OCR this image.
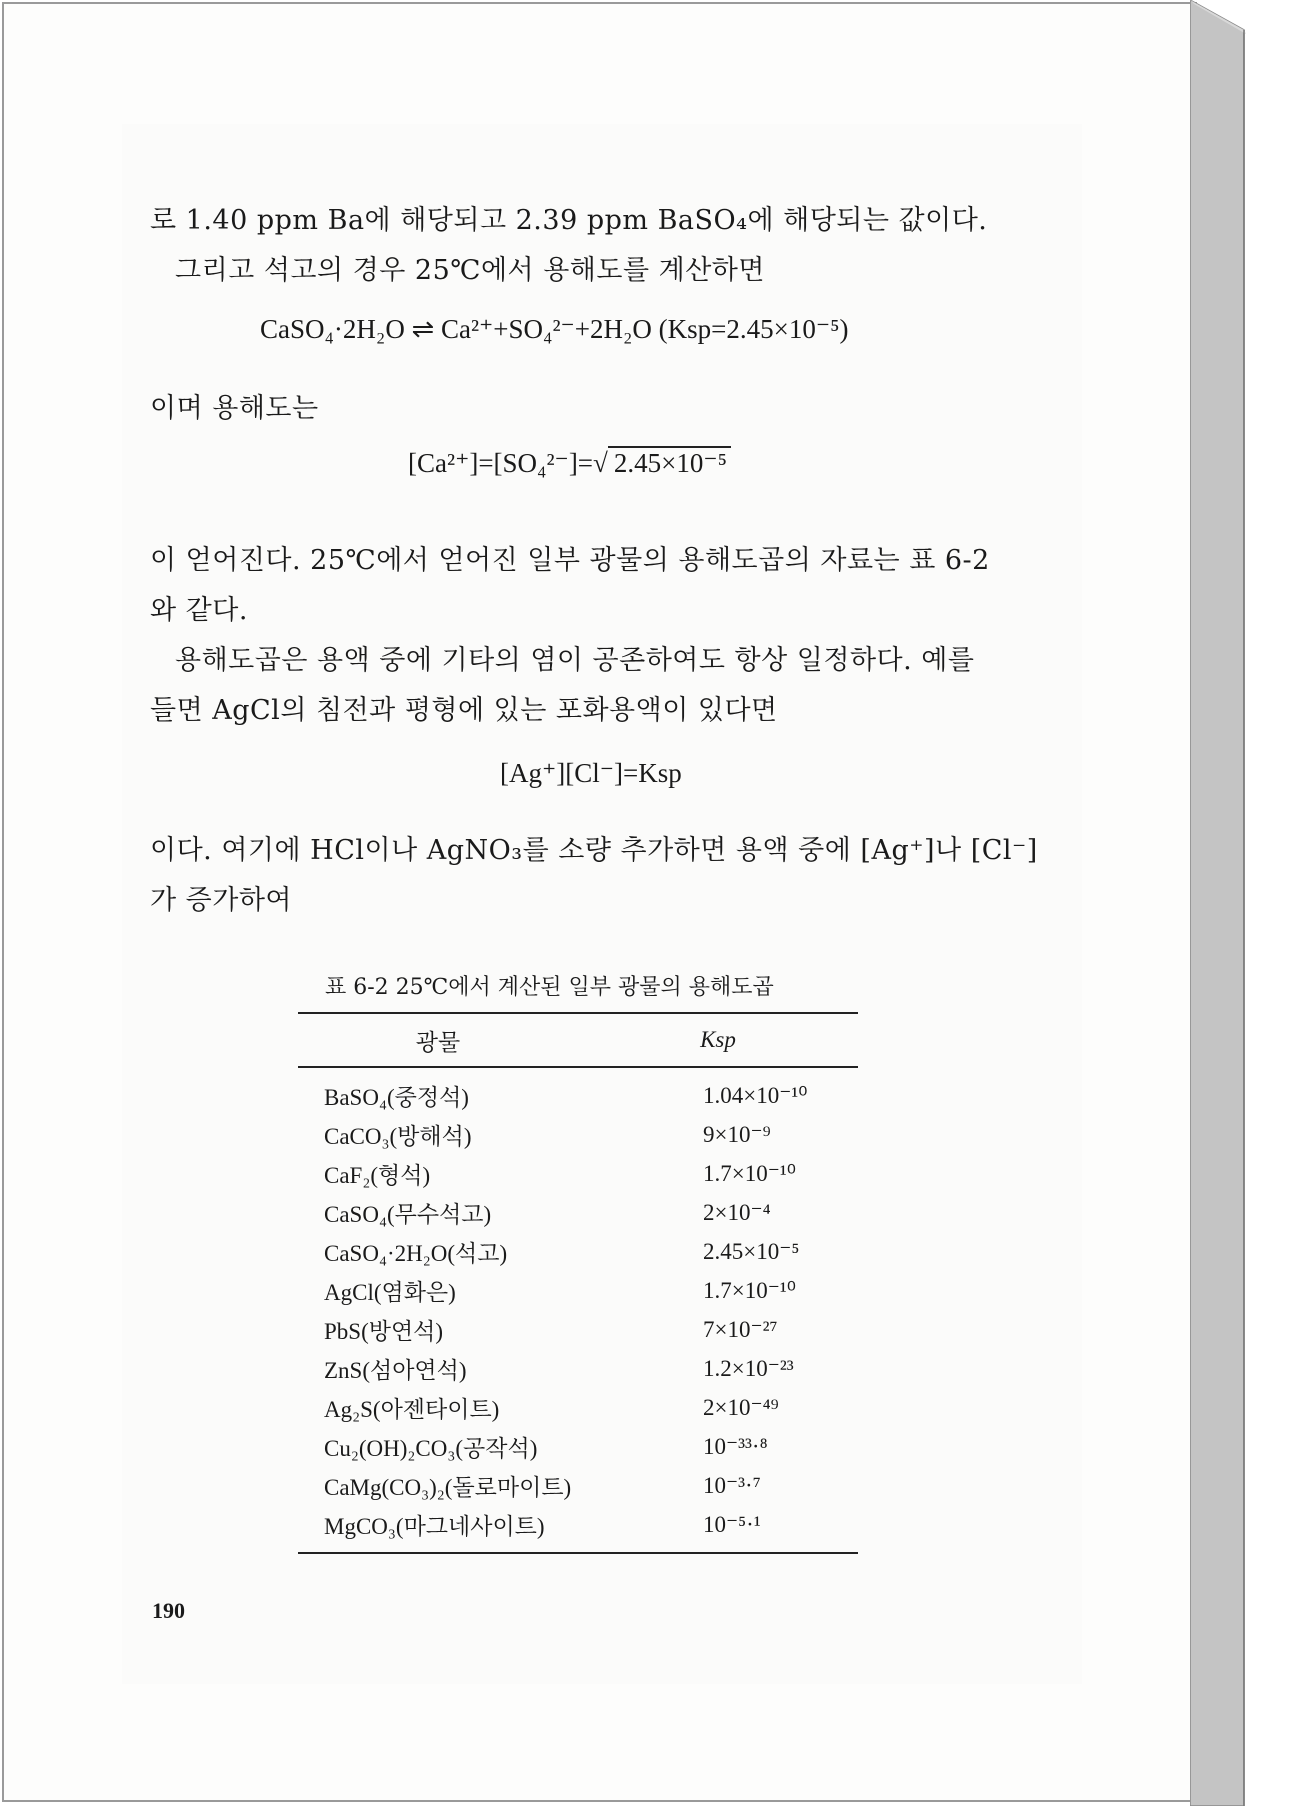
로 1.40 ppm Ba에 해당되고 2.39 ppm BaSO₄에 해당되는 값이다.
그리고 석고의 경우 25℃에서 용해도를 계산하면
CaSO₄·2H₂O ⇌ Ca²⁺+SO₄²⁻+2H₂O (Ksp=2.45×10⁻⁵)
이며 용해도는
[Ca²⁺]=[SO₄²⁻]=√ 2.45×10⁻⁵
이 얻어진다. 25℃에서 얻어진 일부 광물의 용해도곱의 자료는 표 6-2
와 같다.
용해도곱은 용액 중에 기타의 염이 공존하여도 항상 일정하다. 예를
들면 AgCl의 침전과 평형에 있는 포화용액이 있다면
[Ag⁺][Cl⁻]=Ksp
이다. 여기에 HCl이나 AgNO₃를 소량 추가하면 용액 중에 [Ag⁺]나 [Cl⁻]
가 증가하여
표 6-2 25℃에서 계산된 일부 광물의 용해도곱
광물	Ksp
BaSO₄(중정석)	1.04×10⁻¹⁰
CaCO₃(방해석)	9×10⁻⁹
CaF₂(형석)	1.7×10⁻¹⁰
CaSO₄(무수석고)	2×10⁻⁴
CaSO₄·2H₂O(석고)	2.45×10⁻⁵
AgCl(염화은)	1.7×10⁻¹⁰
PbS(방연석)	7×10⁻²⁷
ZnS(섬아연석)	1.2×10⁻²³
Ag₂S(아젠타이트)	2×10⁻⁴⁹
Cu₂(OH)₂CO₃(공작석)	10⁻³³·⁸
CaMg(CO₃)₂(돌로마이트)	10⁻³·⁷
MgCO₃(마그네사이트)	10⁻⁵·¹
190
